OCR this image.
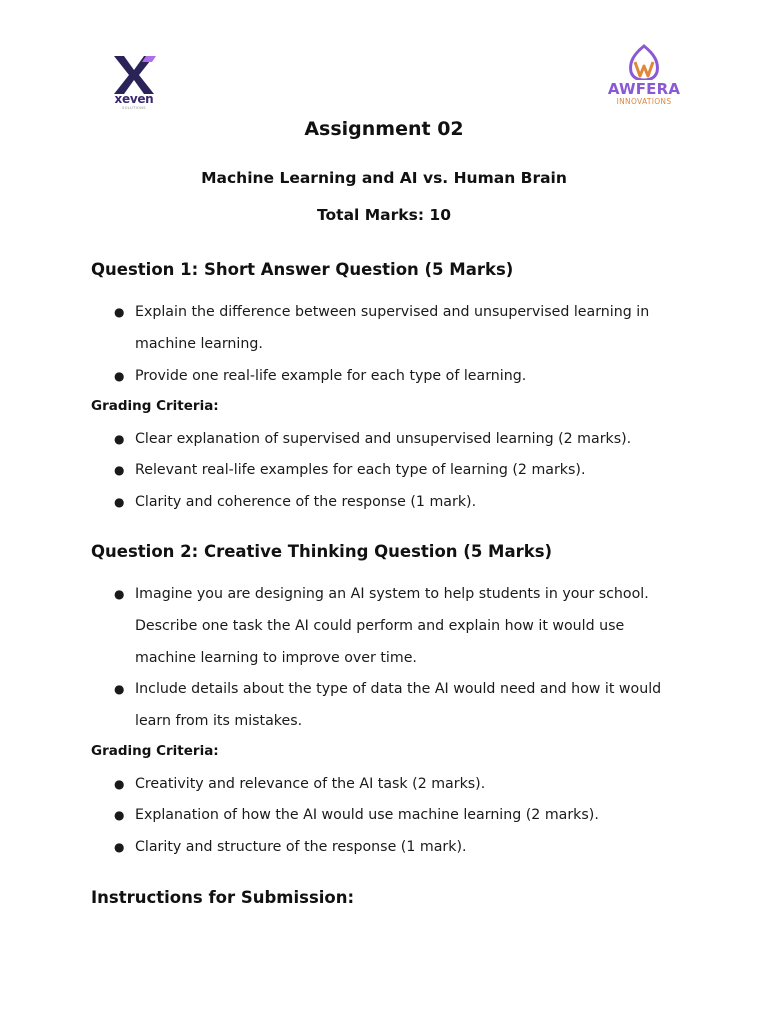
xeven
SOLUTIONS
AWFERA
INNOVATIONS
Assignment 02
Machine Learning and AI vs. Human Brain
Total Marks: 10
Question 1: Short Answer Question (5 Marks)
● Explain the difference between supervised and unsupervised learning in
machine learning.
● Provide one real-life example for each type of learning.
Grading Criteria:
● Clear explanation of supervised and unsupervised learning (2 marks).
● Relevant real-life examples for each type of learning (2 marks).
● Clarity and coherence of the response (1 mark).
Question 2: Creative Thinking Question (5 Marks)
● Imagine you are designing an AI system to help students in your school.
Describe one task the AI could perform and explain how it would use
machine learning to improve over time.
● Include details about the type of data the AI would need and how it would
learn from its mistakes.
Grading Criteria:
● Creativity and relevance of the AI task (2 marks).
● Explanation of how the AI would use machine learning (2 marks).
● Clarity and structure of the response (1 mark).
Instructions for Submission:
